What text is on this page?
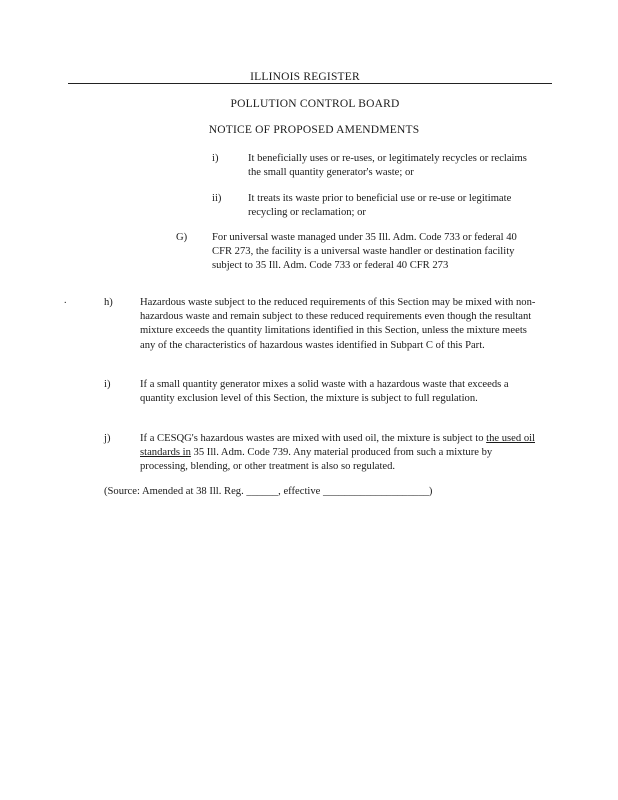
ILLINOIS REGISTER
POLLUTION CONTROL BOARD
NOTICE OF PROPOSED AMENDMENTS
i)	It beneficially uses or re-uses, or legitimately recycles or reclaims the small quantity generator's waste; or
ii)	It treats its waste prior to beneficial use or re-use or legitimate recycling or reclamation; or
G) For universal waste managed under 35 Ill. Adm. Code 733 or federal 40 CFR 273, the facility is a universal waste handler or destination facility subject to 35 Ill. Adm. Code 733 or federal 40 CFR 273
.	h)	Hazardous waste subject to the reduced requirements of this Section may be mixed with non-hazardous waste and remain subject to these reduced requirements even though the resultant mixture exceeds the quantity limitations identified in this Section, unless the mixture meets any of the characteristics of hazardous wastes identified in Subpart C of this Part.
i)	If a small quantity generator mixes a solid waste with a hazardous waste that exceeds a quantity exclusion level of this Section, the mixture is subject to full regulation.
j)	If a CESQG's hazardous wastes are mixed with used oil, the mixture is subject to the used oil standards in 35 Ill. Adm. Code 739. Any material produced from such a mixture by processing, blending, or other treatment is also so regulated.
(Source: Amended at 38 Ill. Reg. ______, effective ____________________)
